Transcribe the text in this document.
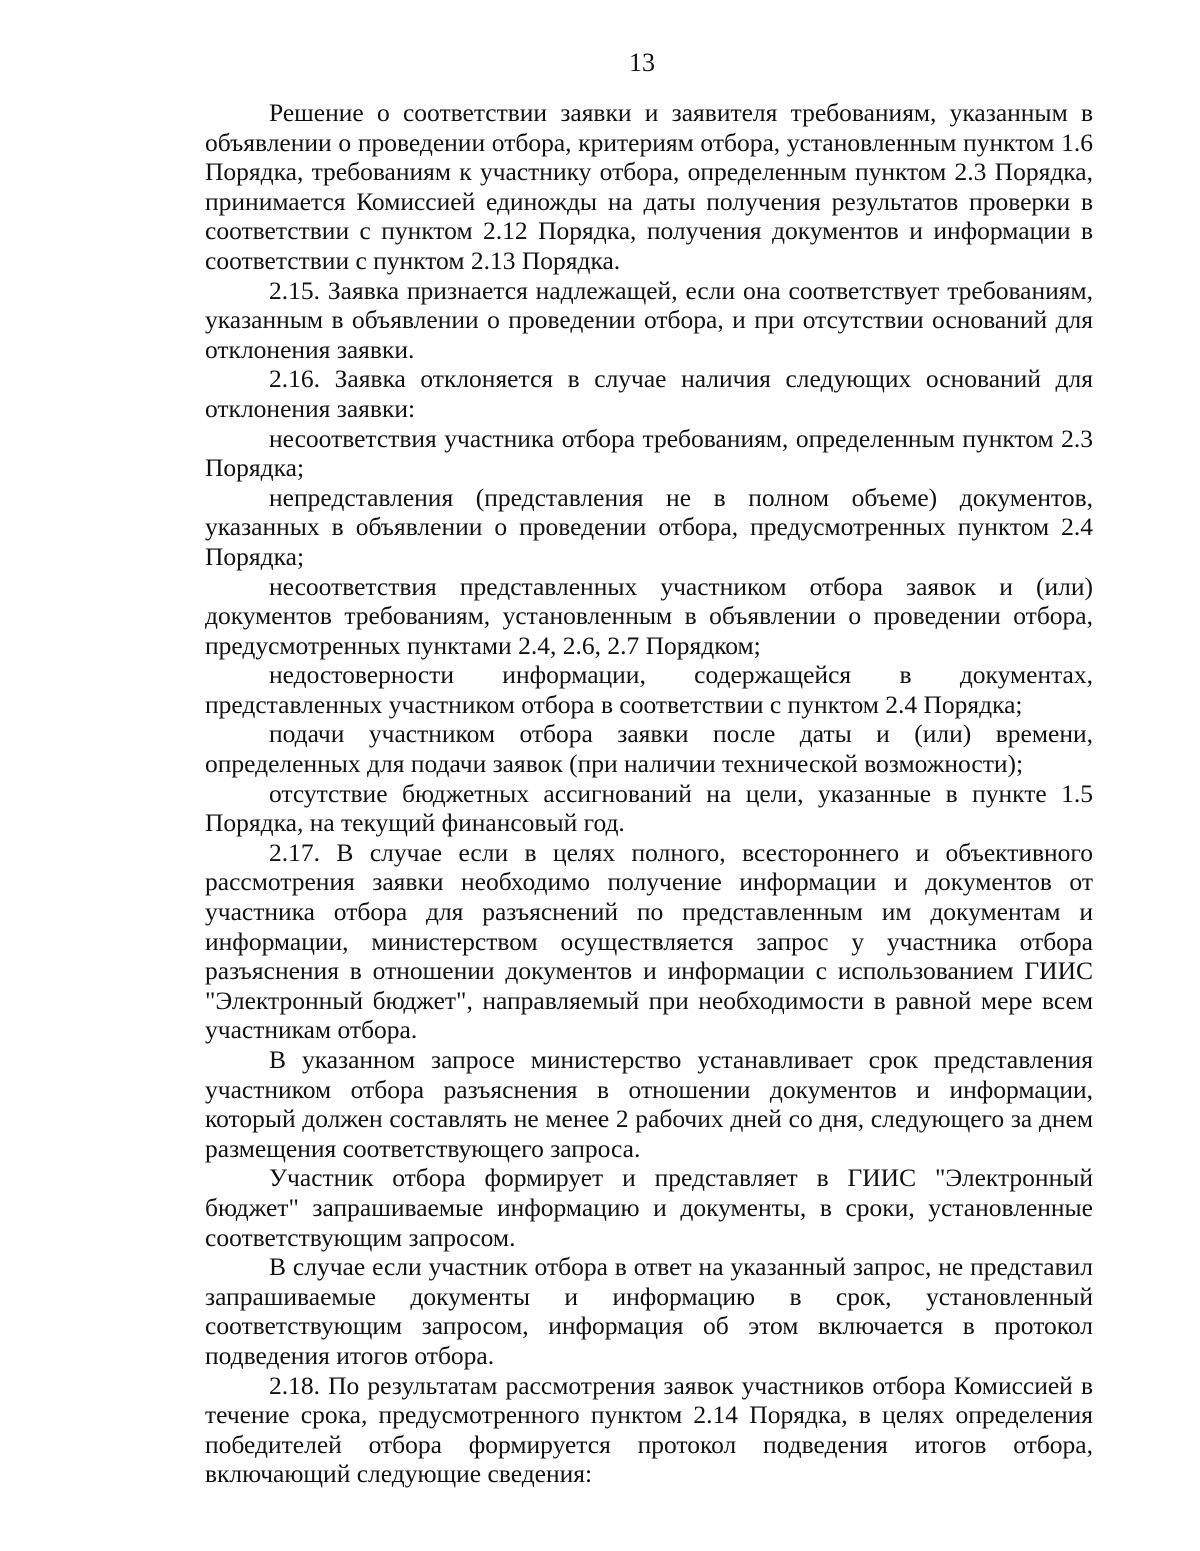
13

Решение о соответствии заявки и заявителя требованиям, указанным в объявлении о проведении отбора, критериям отбора, установленным пунктом 1.6 Порядка, требованиям к участнику отбора, определенным пунктом 2.3 Порядка, принимается Комиссией единожды на даты получения результатов проверки в соответствии с пунктом 2.12 Порядка, получения документов и информации в соответствии с пунктом 2.13 Порядка.

2.15. Заявка признается надлежащей, если она соответствует требованиям, указанным в объявлении о проведении отбора, и при отсутствии оснований для отклонения заявки.

2.16. Заявка отклоняется в случае наличия следующих оснований для отклонения заявки:

несоответствия участника отбора требованиям, определенным пунктом 2.3 Порядка;

непредставления (представления не в полном объеме) документов, указанных в объявлении о проведении отбора, предусмотренных пунктом 2.4 Порядка;

несоответствия представленных участником отбора заявок и (или) документов требованиям, установленным в объявлении о проведении отбора, предусмотренных пунктами 2.4, 2.6, 2.7 Порядком;

недостоверности информации, содержащейся в документах, представленных участником отбора в соответствии с пунктом 2.4 Порядка;

подачи участником отбора заявки после даты и (или) времени, определенных для подачи заявок (при наличии технической возможности);

отсутствие бюджетных ассигнований на цели, указанные в пункте 1.5 Порядка, на текущий финансовый год.

2.17. В случае если в целях полного, всестороннего и объективного рассмотрения заявки необходимо получение информации и документов от участника отбора для разъяснений по представленным им документам и информации, министерством осуществляется запрос у участника отбора разъяснения в отношении документов и информации с использованием ГИИС "Электронный бюджет", направляемый при необходимости в равной мере всем участникам отбора.

В указанном запросе министерство устанавливает срок представления участником отбора разъяснения в отношении документов и информации, который должен составлять не менее 2 рабочих дней со дня, следующего за днем размещения соответствующего запроса.

Участник отбора формирует и представляет в ГИИС "Электронный бюджет" запрашиваемые информацию и документы, в сроки, установленные соответствующим запросом.

В случае если участник отбора в ответ на указанный запрос, не представил запрашиваемые документы и информацию в срок, установленный соответствующим запросом, информация об этом включается в протокол подведения итогов отбора.

2.18. По результатам рассмотрения заявок участников отбора Комиссией в течение срока, предусмотренного пунктом 2.14 Порядка, в целях определения победителей отбора формируется протокол подведения итогов отбора, включающий следующие сведения:
